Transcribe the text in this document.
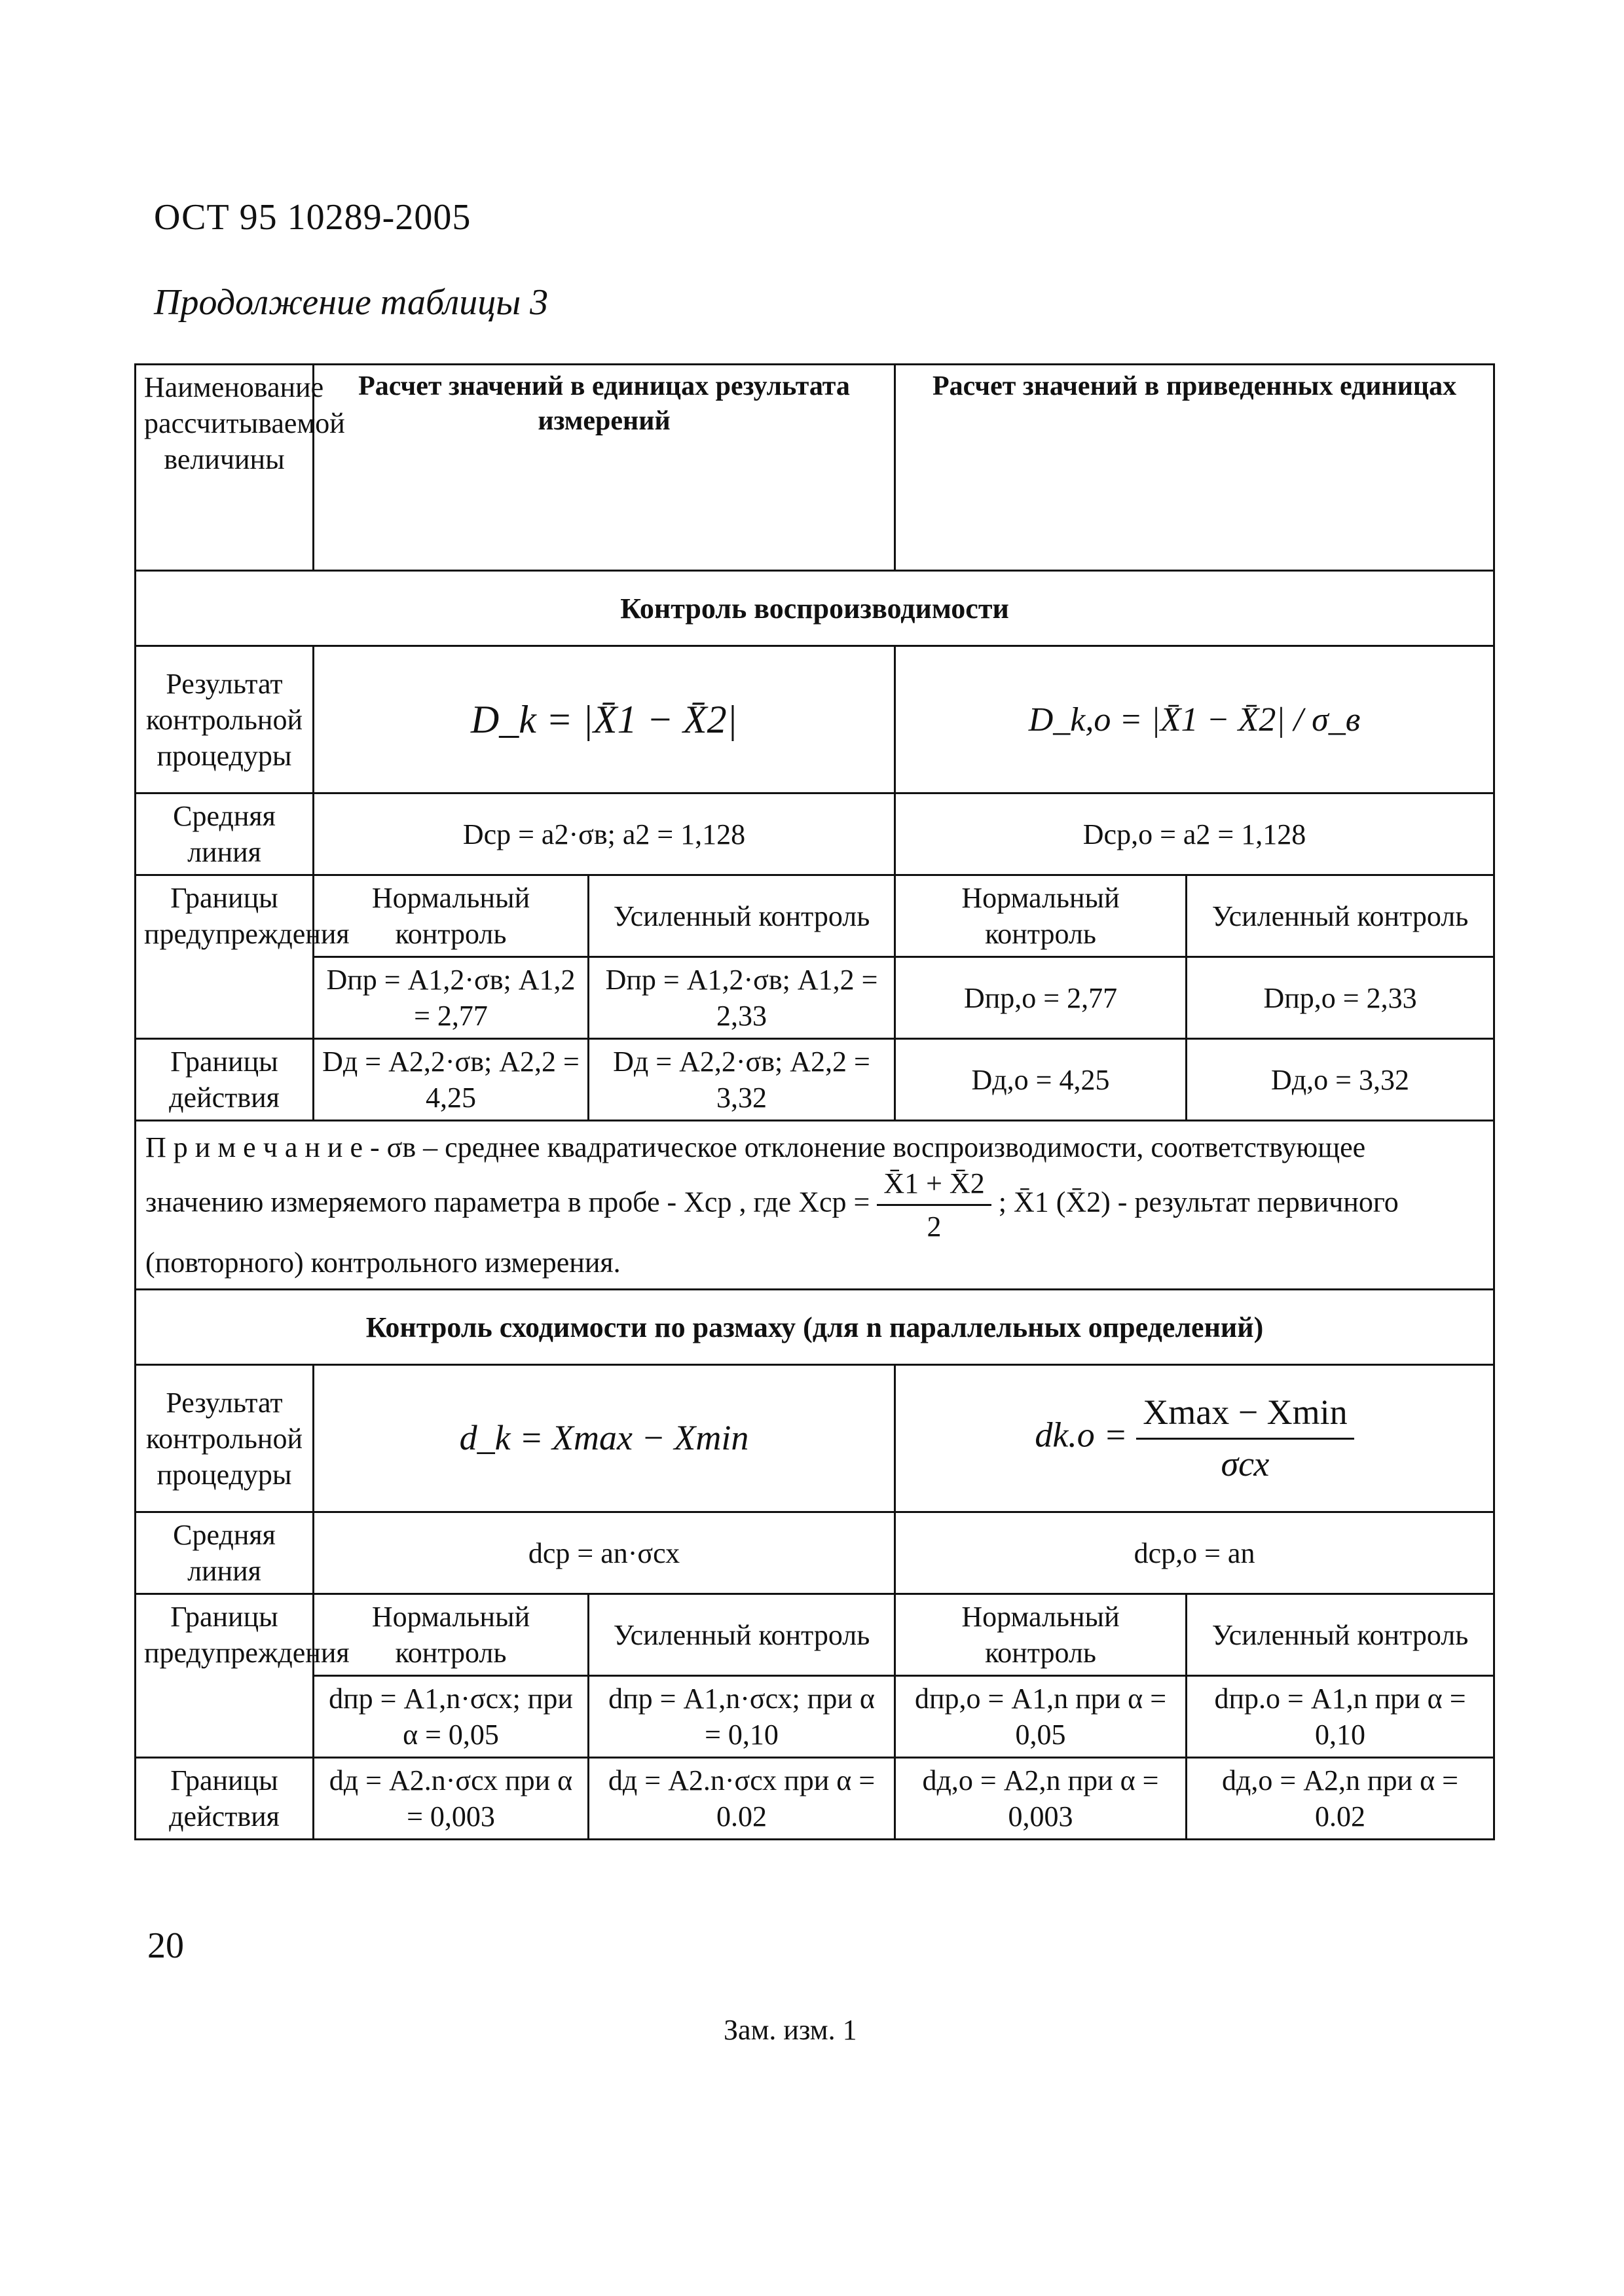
ОСТ 95 10289-2005
Продолжение таблицы 3
Наименование рассчитываемой величины	Расчет значений в единицах результата измерений		Расчет значений в приведенных единицах	
Контроль воспроизводимости				
Результат контрольной процедуры	D_k = |X̄1 − X̄2|		D_k,o = |X̄1 − X̄2| / σ_в	
Средняя линия	Dср = a2·σв; a2 = 1,128		Dср,о = a2 = 1,128	
Границы предупреждения	Нормальный контроль	Усиленный контроль	Нормальный контроль	Усиленный контроль
	Dпр = A1,2·σв; A1,2 = 2,77	Dпр = A1,2·σв; A1,2 = 2,33	Dпр,о = 2,77	Dпр,о = 2,33
Границы действия	Dд = A2,2·σв; A2,2 = 4,25	Dд = A2,2·σв; A2,2 = 3,32	Dд,о = 4,25	Dд,о = 3,32
П р и м е ч а н и е - σв – среднее квадратическое отклонение воспроизводимости, соответствующее значению измеряемого параметра в пробе - Xср , где Xср = $\frac{X̄1 + X̄2}{2}$ ; X̄1 (X̄2) - результат первичного (повторного) контрольного измерения.				
Контроль сходимости по размаху (для n параллельных определений)				
Результат контрольной процедуры	d_k = Xmax − Xmin		$dk.o = \frac{Xmax - Xmin}{\text{σсх}}$

Средняя линия	dср = an·σсх		dср,о = an	
Границы предупреждения	Нормальный контроль	Усиленный контроль	Нормальный контроль	Усиленный контроль
	dпр = A1,n·σсх; при α = 0,05	dпр = A1,n·σсх; при α = 0,10	dпр,о = A1,n при α = 0,05	dпр.о = A1,n при α = 0,10
Границы действия	dд = A2.n·σсх при α = 0,003	dд = A2.n·σсх при α = 0.02	dд,о = A2,n при α = 0,003	dд,о = A2,n при α = 0.02
20
Зам. изм. 1
